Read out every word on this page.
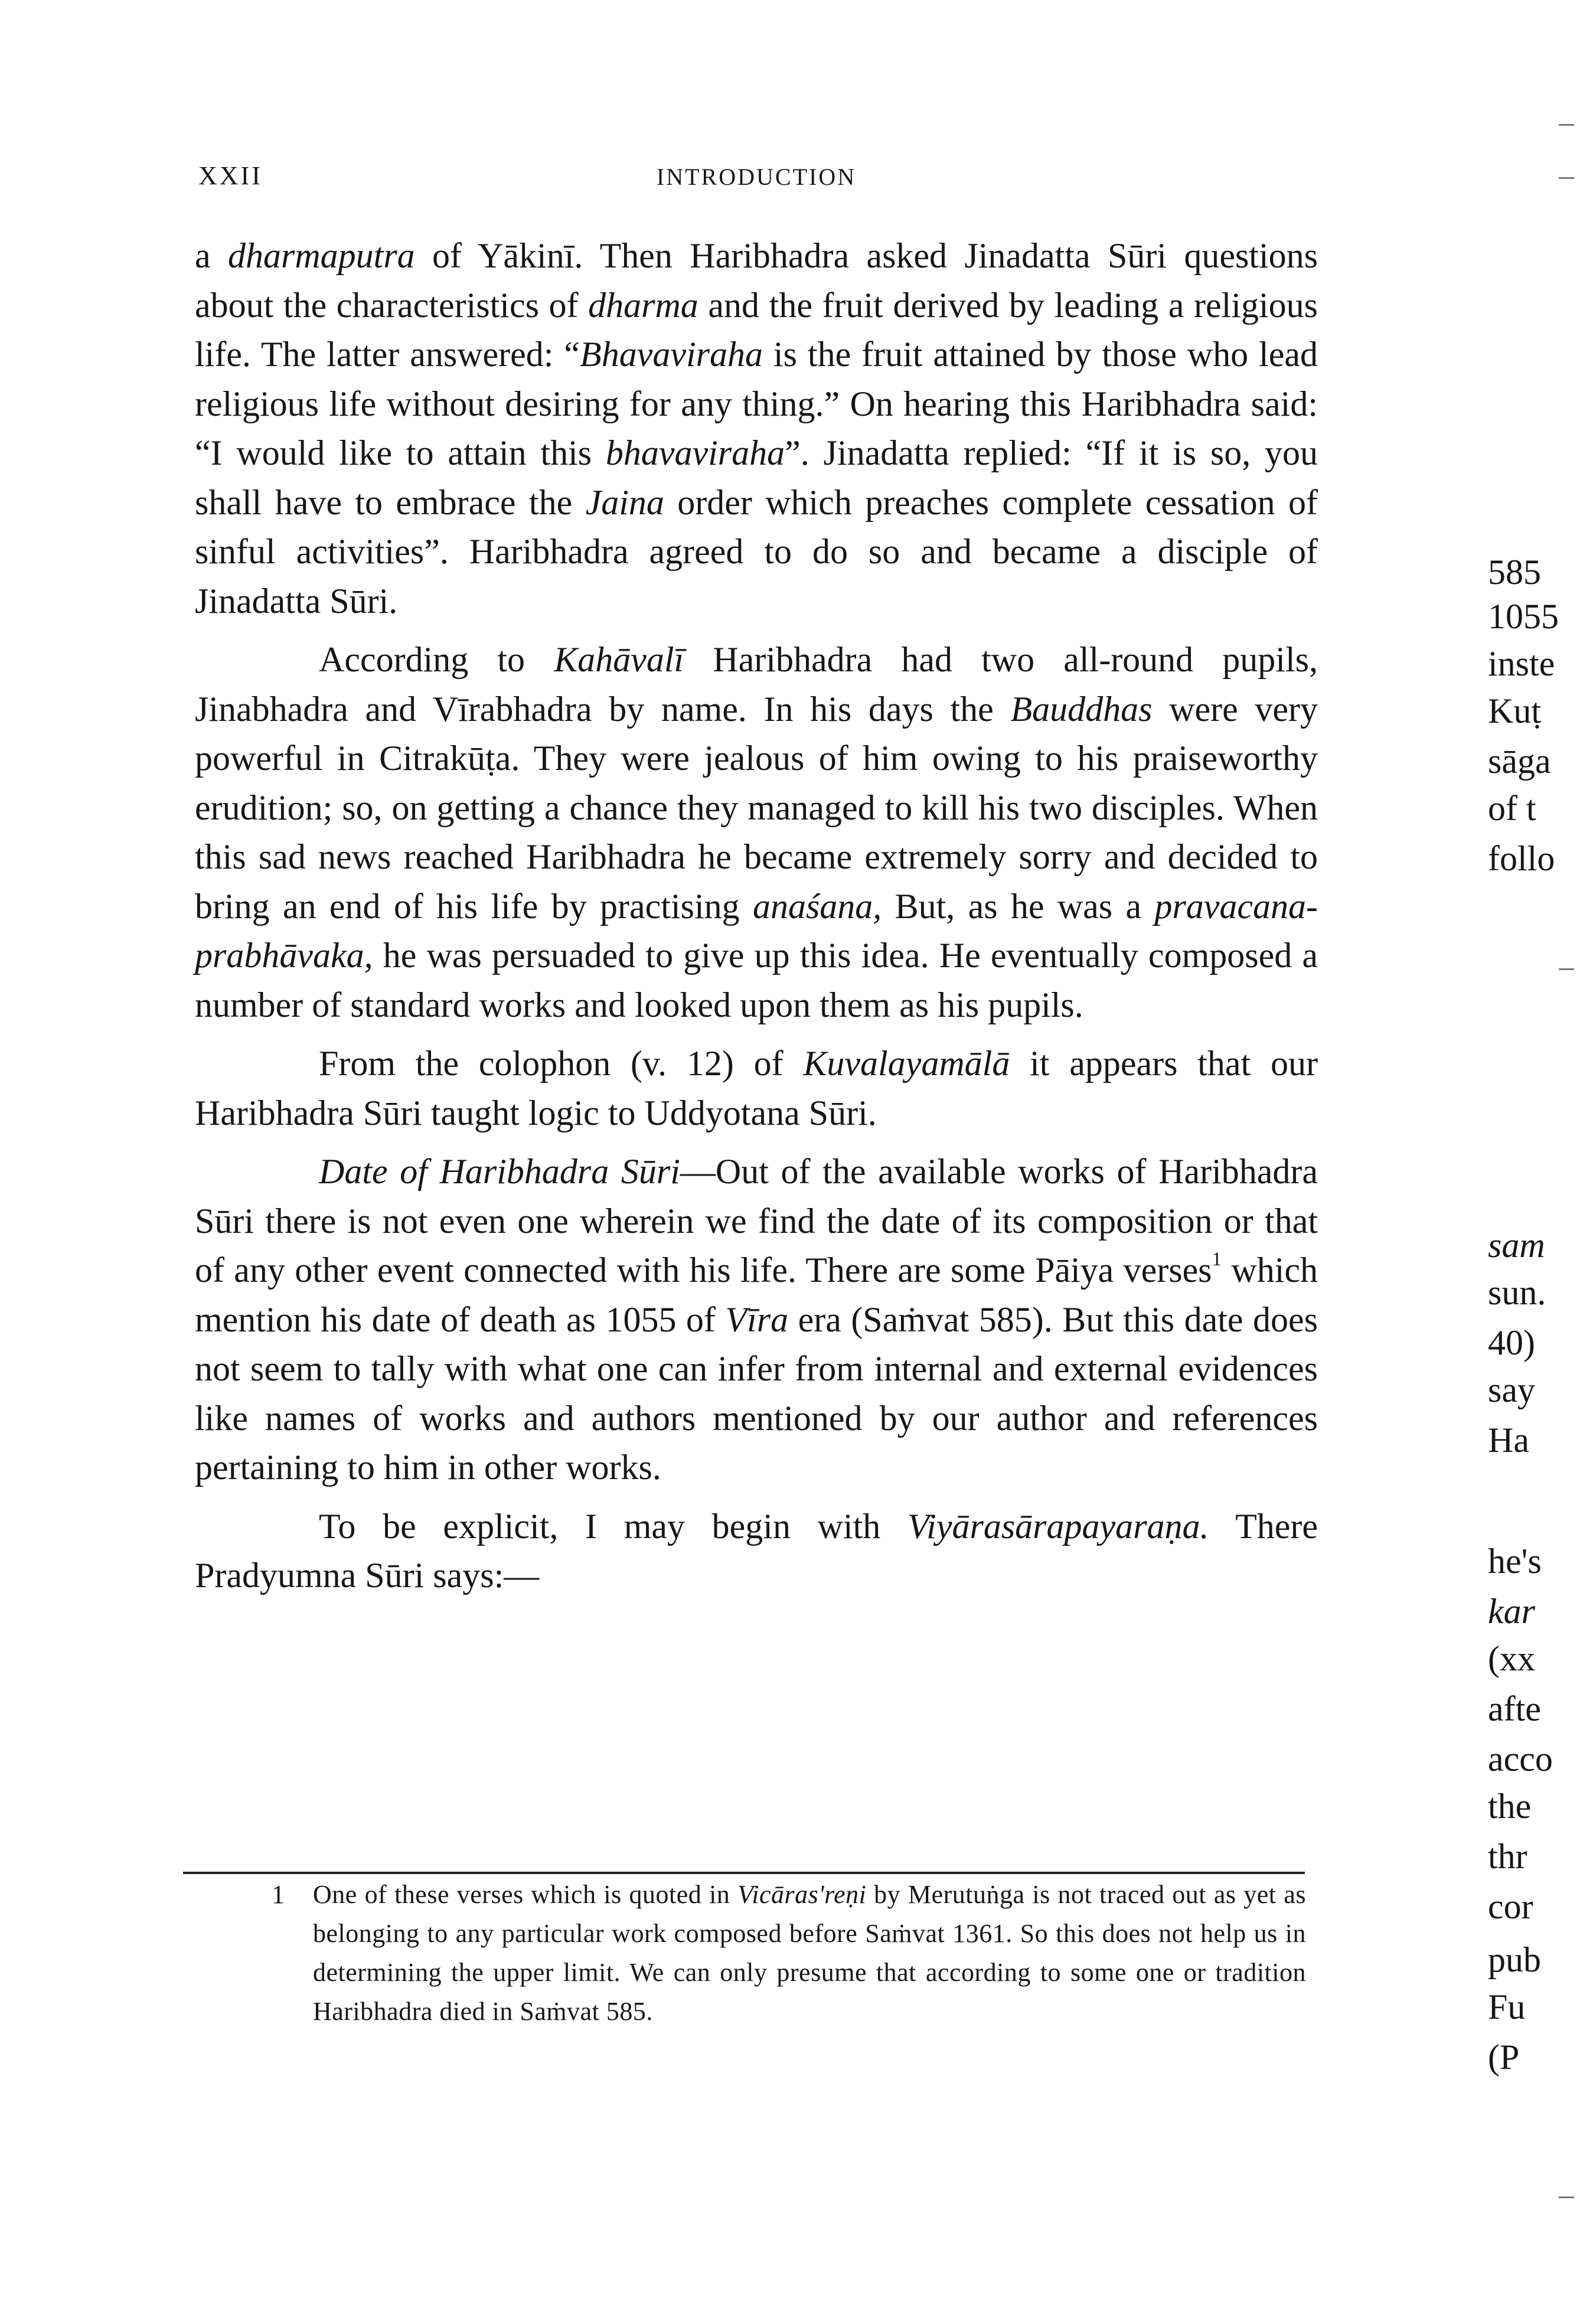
XXII	INTRODUCTION

a dharmaputra of Yākinī. Then Haribhadra asked Jinadatta Sūri questions about the characteristics of dharma and the fruit derived by leading a religious life. The latter answered: “Bhavaviraha is the fruit attained by those who lead religious life without desiring for any thing.” On hearing this Haribhadra said: “I would like to attain this bhavaviraha”. Jinadatta replied: “If it is so, you shall have to embrace the Jaina order which preaches complete cessation of sinful activities”. Haribhadra agreed to do so and became a disciple of Jinadatta Sūri.

According to Kahāvalī Haribhadra had two all-round pupils, Jinabhadra and Vīrabhadra by name. In his days the Bauddhas were very powerful in Citrakūṭa. They were jealous of him owing to his praiseworthy erudition; so, on getting a chance they managed to kill his two disciples. When this sad news reached Haribhadra he became extremely sorry and decided to bring an end of his life by practising anaśana, But, as he was a pravacana-prabhāvaka, he was persuaded to give up this idea. He eventually composed a number of standard works and looked upon them as his pupils.

From the colophon (v. 12) of Kuvalayamālā it appears that our Haribhadra Sūri taught logic to Uddyotana Sūri.

Date of Haribhadra Sūri—Out of the available works of Haribhadra Sūri there is not even one wherein we find the date of its composition or that of any other event connected with his life. There are some Pāiya verses$^1$ which mention his date of death as 1055 of Vīra era (Saṁvat 585). But this date does not seem to tally with what one can infer from internal and external evidences like names of works and authors mentioned by our author and references pertaining to him in other works.

To be explicit, I may begin with Viyārasārapayaraṇa. There Pradyumna Sūri says:—

1 One of these verses which is quoted in Vicāras'reṇi by Merutuṅga is not traced out as yet as belonging to any particular work composed before Saṁvat 1361. So this does not help us in determining the upper limit. We can only presume that according to some one or tradition Haribhadra died in Saṁvat 585.

585
1055
inste
Kuṭ
sāga
of t
follo
sam
sun.
40)
say
Ha
he's
kar
(xx
afte
acco
the
thr
cor
pub
Fu
(P
